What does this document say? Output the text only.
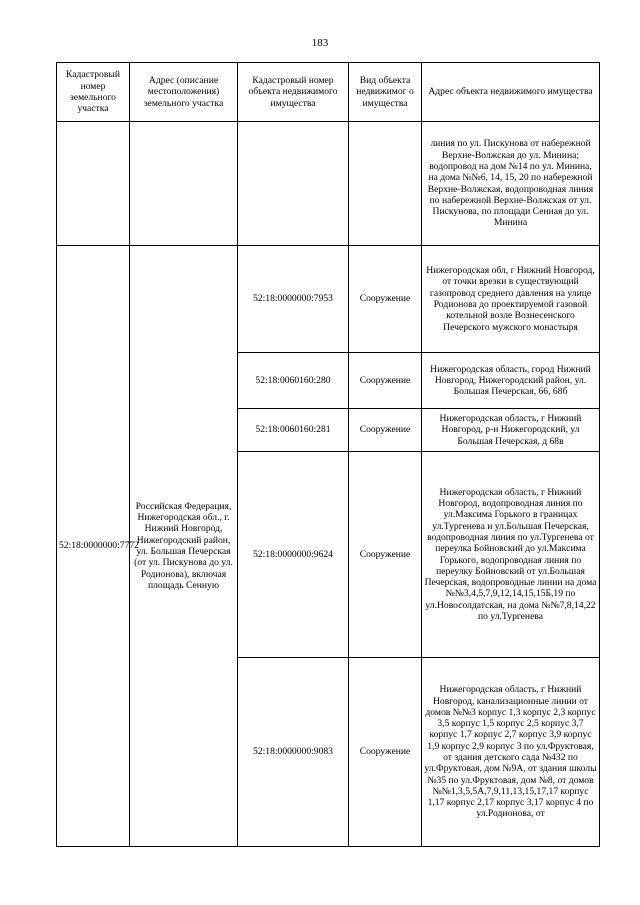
183
Кадастровый номер земельного участка	Адрес (описание местоположения) земельного участка	Кадастровый номер объекта недвижимого имущества	Вид объекта недвижимог о имущества	Адрес объекта недвижимого имущества
				линия по ул. Пискунова от набережной Верхне-Волжская до ул. Минина; водопровод на дом №14 по ул. Минина, на дома №№6, 14, 15, 20 по набережной Верхне-Волжская, водопроводная линия по набережной Верхне-Волжская от ул. Пискунова, по площади Сенная до ул. Минина
52:18:0000000:7772	Российская Федерация, Нижегородская обл., г. Нижний Новгород, Нижегородский район, ул. Большая Печерская (от ул. Пискунова до ул. Родионова), включая площадь Сенную	52:18:0000000:7953	Сооружение	Нижегородская обл, г Нижний Новгород, от точки врезки в существующий газопровод среднего давления на улице Родионова до проектируемой газовой котельной возле Вознесенского Печерского мужского монастыря
		52:18:0060160:280	Сооружение	Нижегородская область, город Нижний Новгород, Нижегородский район, ул. Большая Печерская, 66, 68б
		52:18:0060160:281	Сооружение	Нижегородская область, г Нижний Новгород, р-н Нижегородский, ул Большая Печерская, д 68в
		52:18:0000000:9624	Сооружение	Нижегородская область, г Нижний Новгород, водопроводная линия по ул.Максима Горького в границах ул.Тургенева и ул.Большая Печерская, водопроводная линия по ул.Тургенева от переулка Бойновский до ул.Максима Горького, водопроводная линия по переулку Бойновский от ул.Большая Печерская, водопроводные линии на дома №№3,4,5,7,9,12,14,15,15Б,19 по ул.Новосолдатская, на дома №№7,8,14,22 по ул.Тургенева
		52:18:0000000:9083	Сооружение	Нижегородская область, г Нижний Новгород, канализационные линии от домов №№3 корпус 1,3 корпус 2,3 корпус 3,5 корпус 1,5 корпус 2,5 корпус 3,7 корпус 1,7 корпус 2,7 корпус 3,9 корпус 1,9 корпус 2,9 корпус 3 по ул.Фруктовая, от здания детского сада №432 по ул.Фруктовая, дом №9А, от здания школы №35 по ул.Фруктовая, дом №8, от домов №№1,3,5,5А,7,9,11,13,15,17,17 корпус 1,17 корпус 2,17 корпус 3,17 корпус 4 по ул.Родионова, от
